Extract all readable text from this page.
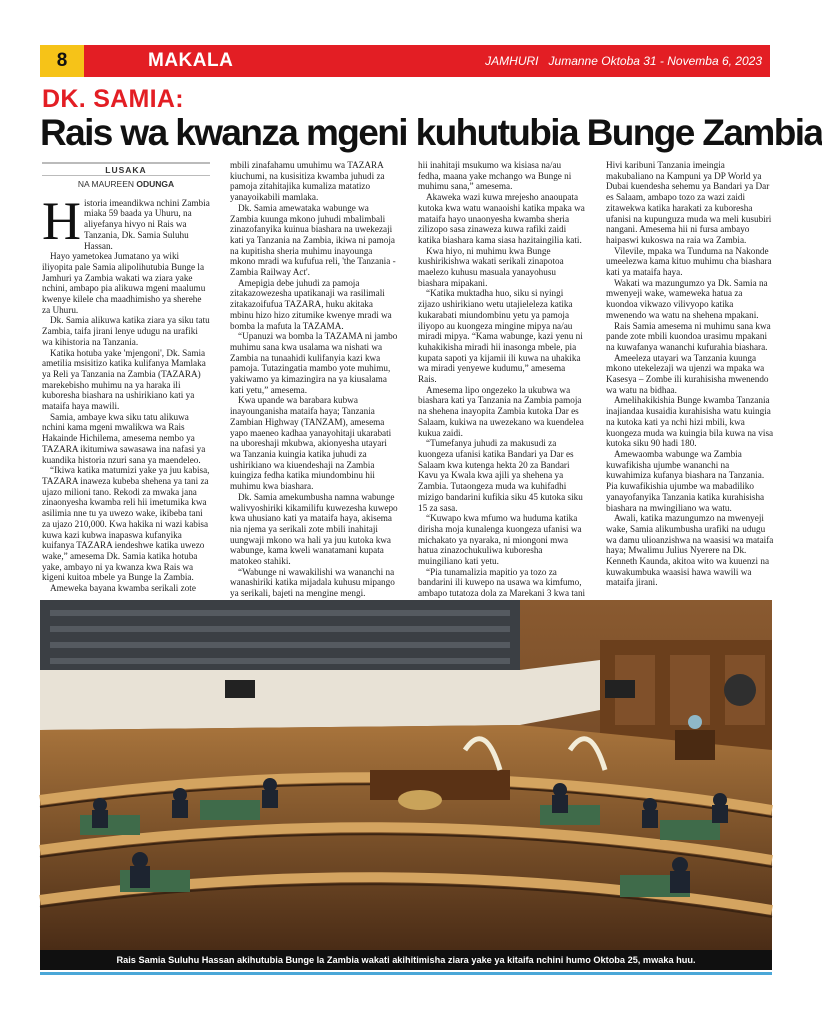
8	MAKALA	JAMHURI Jumanne Oktoba 31 - Novemba 6, 2023
DK. SAMIA:
Rais wa kwanza mgeni kuhutubia Bunge Zambia
LUSAKA
NA MAUREEN ODUNGA

Historia imeandikwa nchini Zambia miaka 59 baada ya Uhuru, na aliyefanya hivyo ni Rais wa Tanzania, Dk. Samia Suluhu Hassan.

Hayo yametokea Jumatano ya wiki iliyopita pale Samia alipolihutubia Bunge la Jamhuri ya Zambia wakati wa ziara yake nchini, ambapo pia alikuwa mgeni maalumu kwenye kilele cha maadhimisho ya sherehe za Uhuru.

Dk. Samia alikuwa katika ziara ya siku tatu Zambia, taifa jirani lenye udugu na urafiki wa kihistoria na Tanzania.

Katika hotuba yake 'mjengoni', Dk. Samia ametilia msisitizo katika kulifanya Mamlaka ya Reli ya Tanzania na Zambia (TAZARA) marekebisho muhimu na ya haraka ili kuboresha biashara na ushirikiano kati ya mataifa haya mawili.

Samia, ambaye kwa siku tatu alikuwa nchini kama mgeni mwalikwa wa Rais Hakainde Hichilema, amesema nembo ya TAZARA ikitumiwa sawasawa ina nafasi ya kuandika historia nzuri sana ya maendeleo.

“Ikiwa katika matumizi yake ya juu kabisa, TAZARA inaweza kubeba shehena ya tani za ujazo milioni tano. Rekodi za mwaka jana zinaonyesha kwamba reli hii imetumika kwa asilimia nne tu ya uwezo wake, ikibeba tani za ujazo 210,000. Kwa hakika ni wazi kabisa kuwa kazi kubwa inapaswa kufanyika kuifanya TAZARA iendeshwe katika uwezo wake,” amesema Dk. Samia katika hotuba yake, ambayo ni ya kwanza kwa Rais wa kigeni kuitoa mbele ya Bunge la Zambia.

Ameweka bayana kwamba serikali zote

mbili zinafahamu umuhimu wa TAZARA kiuchumi, na kusisitiza kwamba juhudi za pamoja zitahitajika kumaliza matatizo yanayoikabili mamlaka.

Dk. Samia amewataka wabunge wa Zambia kuunga mkono juhudi mbalimbali zinazofanyika kuinua biashara na uwekezaji kati ya Tanzania na Zambia, ikiwa ni pamoja na kupitisha sheria muhimu inayounga mkono mradi wa kufufua reli, 'the Tanzania - Zambia Railway Act'.

Amepigia debe juhudi za pamoja zitakazowezesha upatikanaji wa rasilimali zitakazoifufua TAZARA, huku akitaka mbinu hizo hizo zitumike kwenye mradi wa bomba la mafuta la TAZAMA.

“Upanuzi wa bomba la TAZAMA ni jambo muhimu sana kwa usalama wa nishati wa Zambia na tunaahidi kulifanyia kazi kwa pamoja. Tutazingatia mambo yote muhimu, yakiwamo ya kimazingira na ya kiusalama kati yetu,” amesema.

Kwa upande wa barabara kubwa inayounganisha mataifa haya; Tanzania Zambian Highway (TANZAM), amesema yapo maeneo kadhaa yanayohitaji ukarabati na uboreshaji mkubwa, akionyesha utayari wa Tanzania kuingia katika juhudi za ushirikiano wa kiuendeshaji na Zambia kuingiza fedha katika miundombinu hii muhimu kwa biashara.

Dk. Samia amekumbusha namna wabunge walivyoshiriki kikamilifu kuwezesha kuwepo kwa uhusiano kati ya mataifa haya, akisema nia njema ya serikali zote mbili inahitaji uungwaji mkono wa hali ya juu kutoka kwa wabunge, kama kweli wanatamani kupata matokeo stahiki.

“Wabunge ni wawakilishi wa wananchi na wanashiriki katika mijadala kuhusu mipango ya serikali, bajeti na mengine mengi.

hii inahitaji msukumo wa kisiasa na/au fedha, maana yake mchango wa Bunge ni muhimu sana,” amesema.

Akaweka wazi kuwa mrejesho anaoupata kutoka kwa watu wanaoishi katika mpaka wa mataifa hayo unaonyesha kwamba sheria zilizopo sasa zinaweza kuwa rafiki zaidi katika biashara kama siasa hazitaingilia kati.

Kwa hiyo, ni muhimu kwa Bunge kushirikishwa wakati serikali zinapotoa maelezo kuhusu masuala yanayohusu biashara mipakani.

“Katika muktadha huo, siku si nyingi zijazo ushirikiano wetu utajieleleza katika kukarabati miundombinu yetu ya pamoja iliyopo au kuongeza mingine mipya na/au miradi mipya. “Kama wabunge, kazi yenu ni kuhakikisha miradi hii inasonga mbele, pia kupata sapoti ya kijamii ili kuwa na uhakika wa miradi yenyewe kudumu,” amesema Rais.

Amesema lipo ongezeko la ukubwa wa biashara kati ya Tanzania na Zambia pamoja na shehena inayopita Zambia kutoka Dar es Salaam, kukiwa na uwezekano wa kuendelea kukua zaidi.

“Tumefanya juhudi za makusudi za kuongeza ufanisi katika Bandari ya Dar es Salaam kwa kutenga hekta 20 za Bandari Kavu ya Kwala kwa ajili ya shehena ya Zambia. Tutaongeza muda wa kuhifadhi mizigo bandarini kufikia siku 45 kutoka siku 15 za sasa.

“Kuwapo kwa mfumo wa huduma katika dirisha moja kunalenga kuongeza ufanisi wa michakato ya nyaraka, ni miongoni mwa hatua zinazochukuliwa kuboresha muingiliano kati yetu.

“Pia tunamalizia mapitio ya tozo za bandarini ili kuwepo na usawa wa kimfumo, ambapo tutatoza dola za Marekani 3 kwa tani

Hivi karibuni Tanzania imeingia makubaliano na Kampuni ya DP World ya Dubai kuendesha sehemu ya Bandari ya Dar es Salaam, ambapo tozo za wazi zaidi zitawekwa katika harakati za kuboresha ufanisi na kupunguza muda wa meli kusubiri nangani. Amesema hii ni fursa ambayo haipaswi kukoswa na raia wa Zambia.

Vilevile, mpaka wa Tunduma na Nakonde umeelezwa kama kituo muhimu cha biashara kati ya mataifa haya.

Wakati wa mazungumzo ya Dk. Samia na mwenyeji wake, wameweka hatua za kuondoa vikwazo vilivyopo katika mwenendo wa watu na shehena mpakani.

Rais Samia amesema ni muhimu sana kwa pande zote mbili kuondoa urasimu mpakani na kuwafanya wananchi kufurahia biashara.

Ameeleza utayari wa Tanzania kuunga mkono utekelezaji wa ujenzi wa mpaka wa Kasesya – Zombe ili kurahisisha mwenendo wa watu na bidhaa.

Amelihakikishia Bunge kwamba Tanzania inajiandaa kusaidia kurahisisha watu kuingia na kutoka kati ya nchi hizi mbili, kwa kuongeza muda wa kuingia bila kuwa na visa kutoka siku 90 hadi 180.

Amewaomba wabunge wa Zambia kuwafikisha ujumbe wananchi na kuwahimiza kufanya biashara na Tanzania. Pia kuwafikishia ujumbe wa mabadiliko yanayofanyika Tanzania katika kurahisisha biashara na mwingiliano wa watu.

Awali, katika mazungumzo na mwenyeji wake, Samia alikumbusha urafiki na udugu wa damu ulioanzishwa na waasisi wa mataifa haya; Mwalimu Julius Nyerere na Dk. Kenneth Kaunda, akitoa wito wa kuuenzi na kuwakumbuka waasisi hawa wawili wa mataifa jirani.

Rais Samia Suluhu Hassan akihutubia Bunge la Zambia wakati akihitimisha ziara yake ya kitaifa nchini humo Oktoba 25, mwaka huu.
